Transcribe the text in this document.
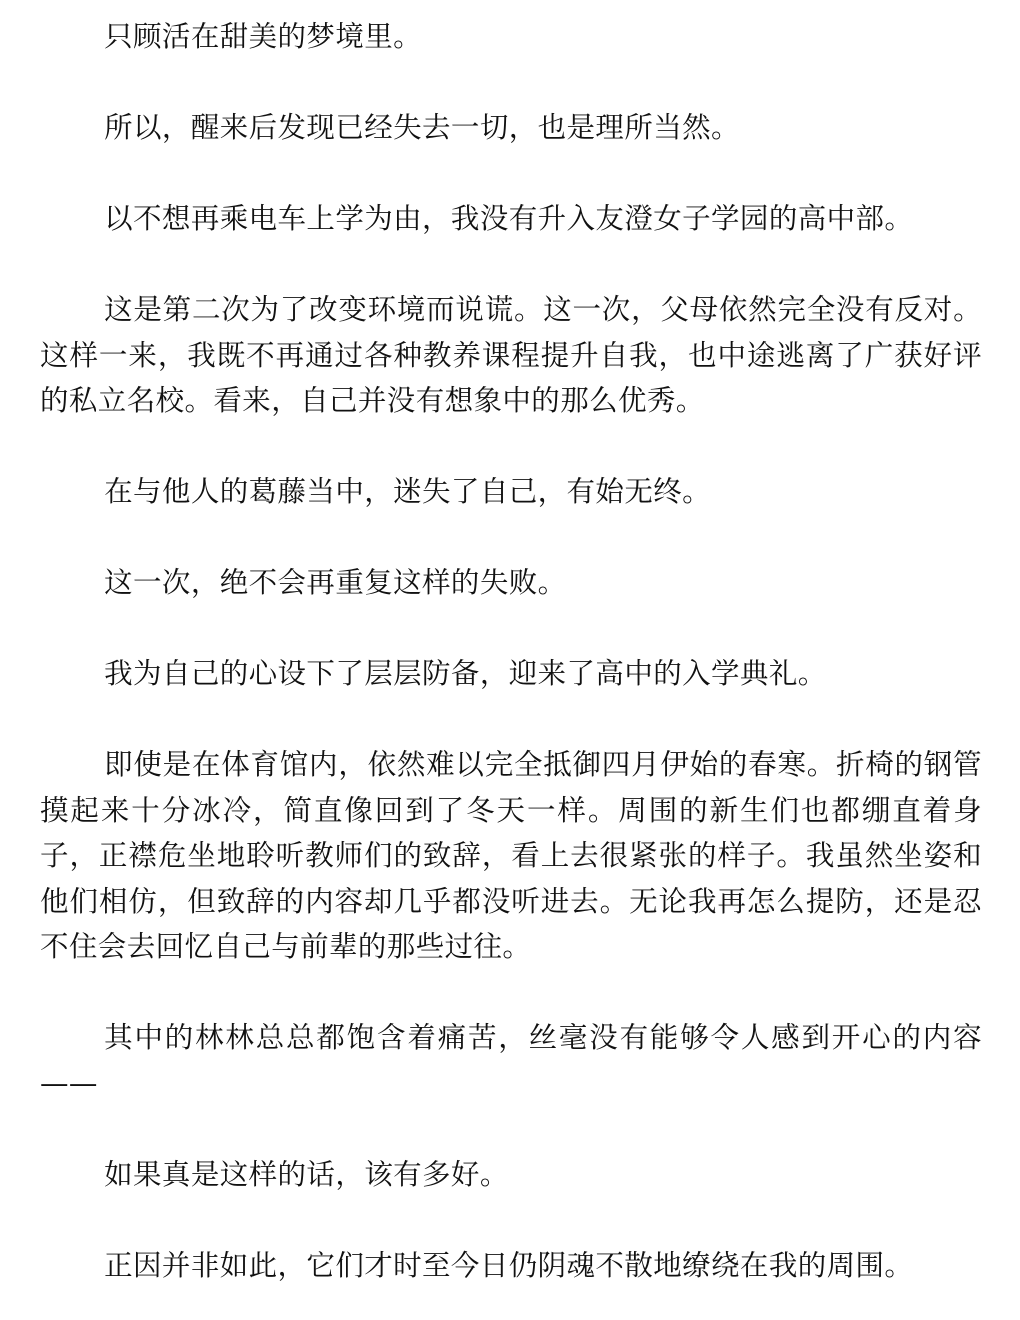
只顾活在甜美的梦境里。

所以，醒来后发现已经失去一切，也是理所当然。

以不想再乘电车上学为由，我没有升入友澄女子学园的高中部。

这是第二次为了改变环境而说谎。这一次，父母依然完全没有反对。这样一来，我既不再通过各种教养课程提升自我，也中途逃离了广获好评的私立名校。看来，自己并没有想象中的那么优秀。

在与他人的葛藤当中，迷失了自己，有始无终。

这一次，绝不会再重复这样的失败。

我为自己的心设下了层层防备，迎来了高中的入学典礼。

即使是在体育馆内，依然难以完全抵御四月伊始的春寒。折椅的钢管摸起来十分冰冷，简直像回到了冬天一样。周围的新生们也都绷直着身子，正襟危坐地聆听教师们的致辞，看上去很紧张的样子。我虽然坐姿和他们相仿，但致辞的内容却几乎都没听进去。无论我再怎么提防，还是忍不住会去回忆自己与前辈的那些过往。

其中的林林总总都饱含着痛苦，丝毫没有能够令人感到开心的内容——

如果真是这样的话，该有多好。

正因并非如此，它们才时至今日仍阴魂不散地缭绕在我的周围。
